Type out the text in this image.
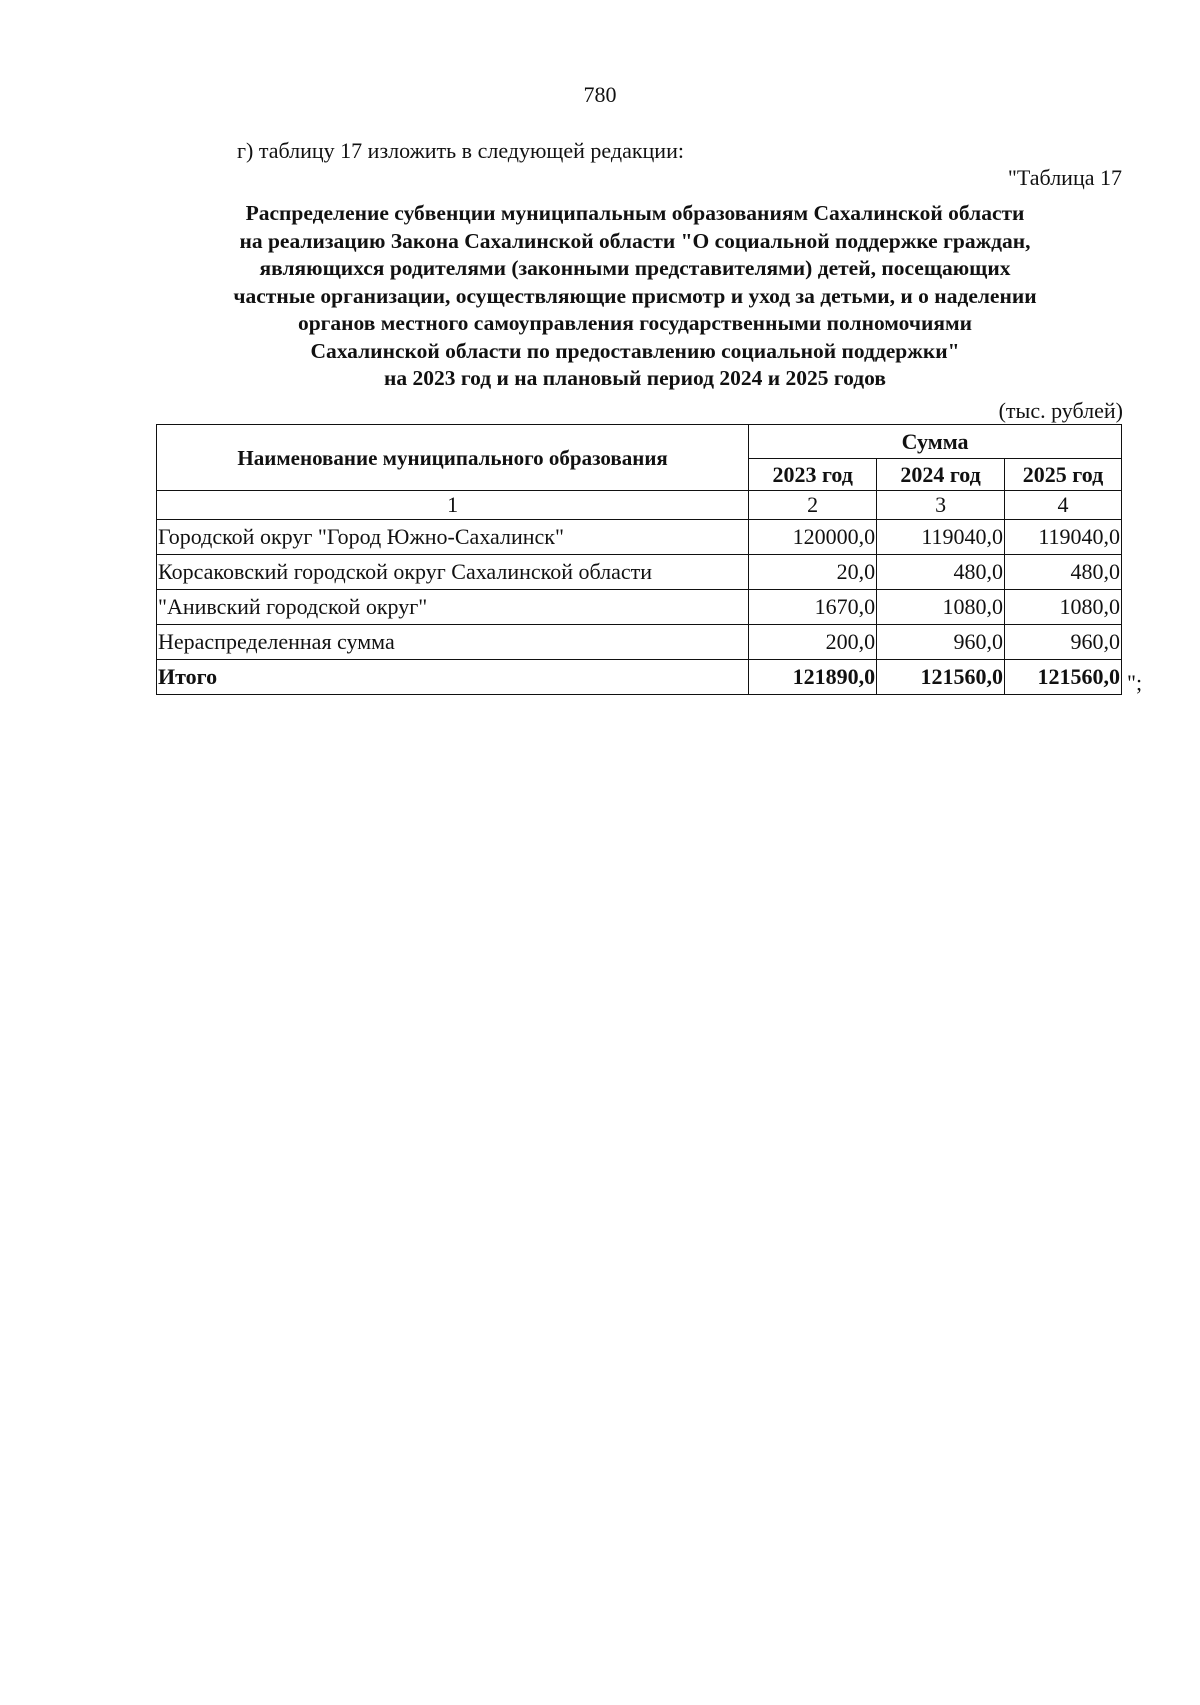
780
г) таблицу 17 изложить в следующей редакции:
"Таблица 17
Распределение субвенции муниципальным образованиям Сахалинской области
на реализацию Закона Сахалинской области "О социальной поддержке граждан,
являющихся родителями (законными представителями) детей, посещающих
частные организации, осуществляющие присмотр и уход за детьми, и о наделении
органов местного самоуправления государственными полномочиями
Сахалинской области по предоставлению социальной поддержки"
на 2023 год и на плановый период 2024 и 2025 годов
(тыс. рублей)
Наименование муниципального образования	Сумма		
	2023 год	2024 год	2025 год
1	2	3	4
Городской округ "Город Южно-Сахалинск"	120000,0	119040,0	119040,0
Корсаковский городской округ Сахалинской области	20,0	480,0	480,0
"Анивский городской округ"	1670,0	1080,0	1080,0
Нераспределенная сумма	200,0	960,0	960,0
Итого	121890,0	121560,0	121560,0 ";
